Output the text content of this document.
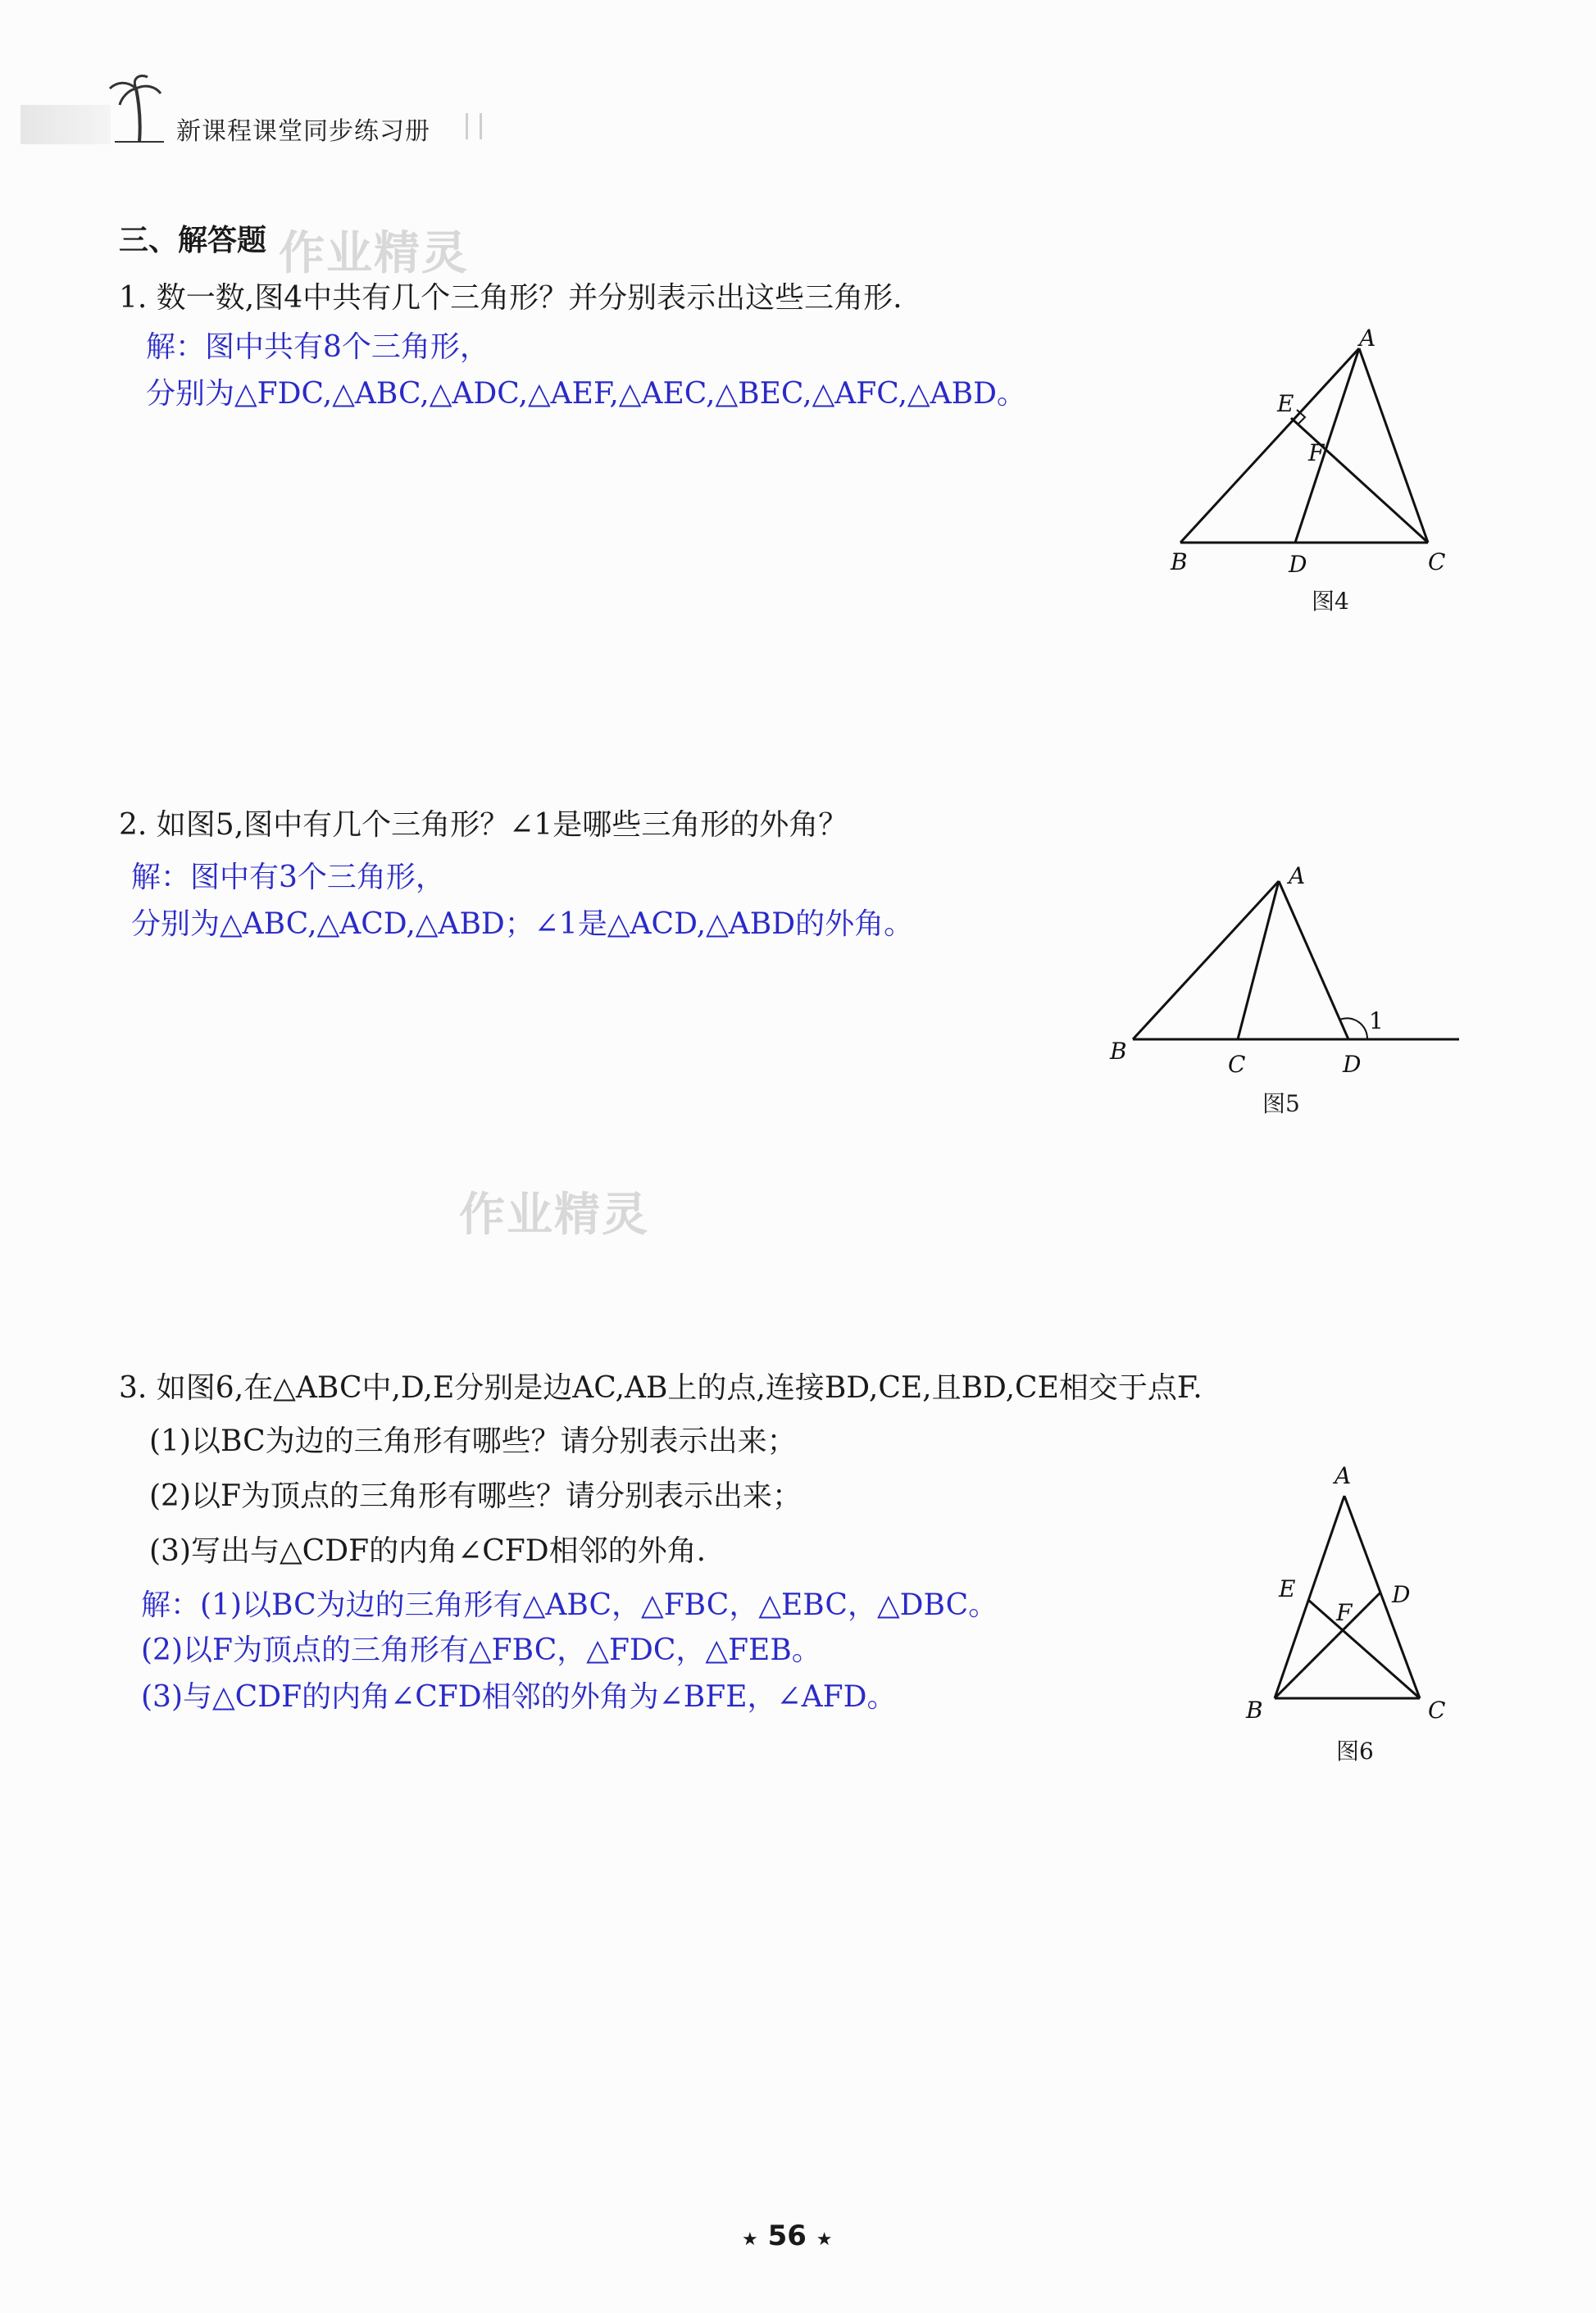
新课程课堂同步练习册
三、解答题 作业精灵
1. 数一数,图4中共有几个三角形？并分别表示出这些三角形.
解：图中共有8个三角形，
分别为△FDC,△ABC,△ADC,△AEF,△AEC,△BEC,△AFC,△ABD。
A
B	C
D
E
F
图4
2. 如图5,图中有几个三角形？∠1是哪些三角形的外角？
解：图中有3个三角形，
分别为△ABC,△ACD,△ABD；∠1是△ACD,△ABD的外角。
A
B	C	D
1
图5
作业精灵
3. 如图6,在△ABC中,D,E分别是边AC,AB上的点,连接BD,CE,且BD,CE相交于点F.
(1)以BC为边的三角形有哪些？请分别表示出来；
(2)以F为顶点的三角形有哪些？请分别表示出来；
(3)写出与△CDF的内角∠CFD相邻的外角.
解：(1)以BC为边的三角形有△ABC，△FBC，△EBC，△DBC。
(2)以F为顶点的三角形有△FBC，△FDC，△FEB。
(3)与△CDF的内角∠CFD相邻的外角为∠BFE，∠AFD。
A
B	C
D
E
F
图6
★ 56 ★
